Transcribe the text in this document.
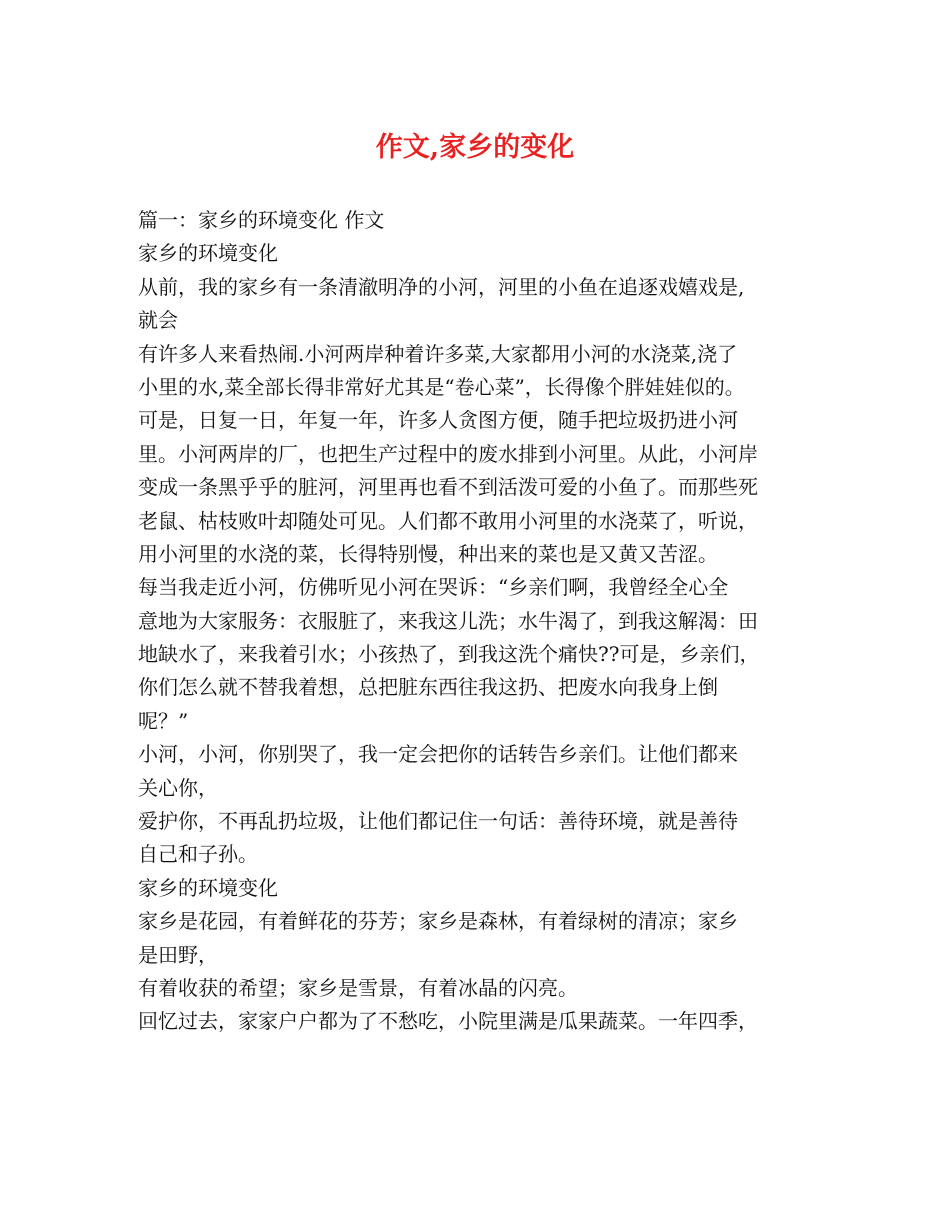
作文,家乡的变化
篇一：家乡的环境变化 作文
家乡的环境变化
从前，我的家乡有一条清澈明净的小河，河里的小鱼在追逐戏嬉戏是,
就会
有许多人来看热闹.小河两岸种着许多菜,大家都用小河的水浇菜,浇了
小里的水,菜全部长得非常好尤其是“卷心菜”，长得像个胖娃娃似的。
可是，日复一日，年复一年，许多人贪图方便，随手把垃圾扔进小河
里。小河两岸的厂，也把生产过程中的废水排到小河里。从此，小河岸
变成一条黑乎乎的脏河，河里再也看不到活泼可爱的小鱼了。而那些死
老鼠、枯枝败叶却随处可见。人们都不敢用小河里的水浇菜了，听说，
用小河里的水浇的菜，长得特别慢，种出来的菜也是又黄又苦涩。
每当我走近小河，仿佛听见小河在哭诉：“乡亲们啊，我曾经全心全
意地为大家服务：衣服脏了，来我这儿洗；水牛渴了，到我这解渴：田
地缺水了，来我着引水；小孩热了，到我这洗个痛快??可是，乡亲们，
你们怎么就不替我着想，总把脏东西往我这扔、把废水向我身上倒
呢？”
小河，小河，你别哭了，我一定会把你的话转告乡亲们。让他们都来
关心你，
爱护你，不再乱扔垃圾，让他们都记住一句话：善待环境，就是善待
自己和子孙。
家乡的环境变化
家乡是花园，有着鲜花的芬芳；家乡是森林，有着绿树的清凉；家乡
是田野，
有着收获的希望；家乡是雪景，有着冰晶的闪亮。
回忆过去，家家户户都为了不愁吃，小院里满是瓜果蔬菜。一年四季，
